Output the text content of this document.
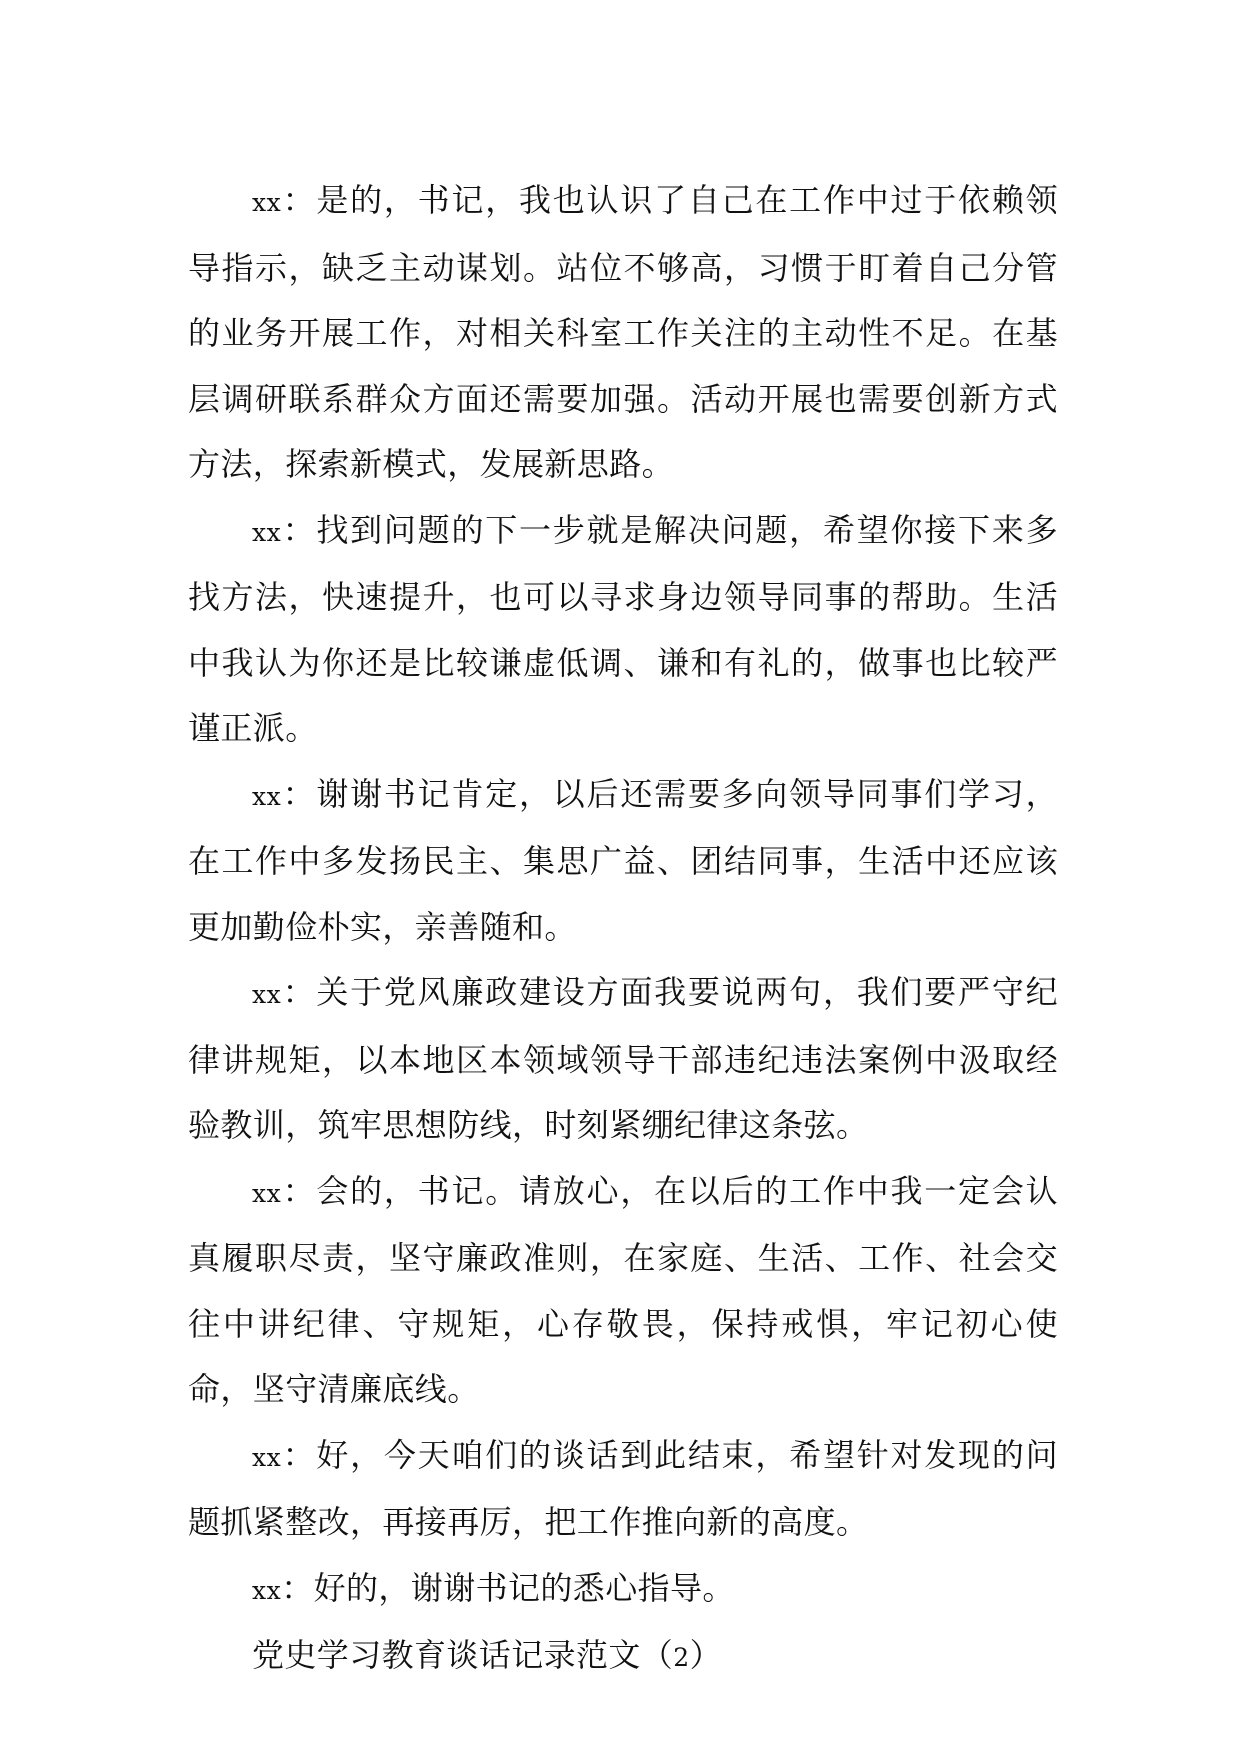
xx：是的，书记，我也认识了自己在工作中过于依赖领导指示，缺乏主动谋划。站位不够高，习惯于盯着自己分管的业务开展工作，对相关科室工作关注的主动性不足。在基层调研联系群众方面还需要加强。活动开展也需要创新方式方法，探索新模式，发展新思路。

xx：找到问题的下一步就是解决问题，希望你接下来多找方法，快速提升，也可以寻求身边领导同事的帮助。生活中我认为你还是比较谦虚低调、谦和有礼的，做事也比较严谨正派。

xx：谢谢书记肯定，以后还需要多向领导同事们学习，在工作中多发扬民主、集思广益、团结同事，生活中还应该更加勤俭朴实，亲善随和。

xx：关于党风廉政建设方面我要说两句，我们要严守纪律讲规矩，以本地区本领域领导干部违纪违法案例中汲取经验教训，筑牢思想防线，时刻紧绷纪律这条弦。

xx：会的，书记。请放心，在以后的工作中我一定会认真履职尽责，坚守廉政准则，在家庭、生活、工作、社会交往中讲纪律、守规矩，心存敬畏，保持戒惧，牢记初心使命，坚守清廉底线。

xx：好，今天咱们的谈话到此结束，希望针对发现的问题抓紧整改，再接再厉，把工作推向新的高度。

xx：好的，谢谢书记的悉心指导。

党史学习教育谈话记录范文（2）
